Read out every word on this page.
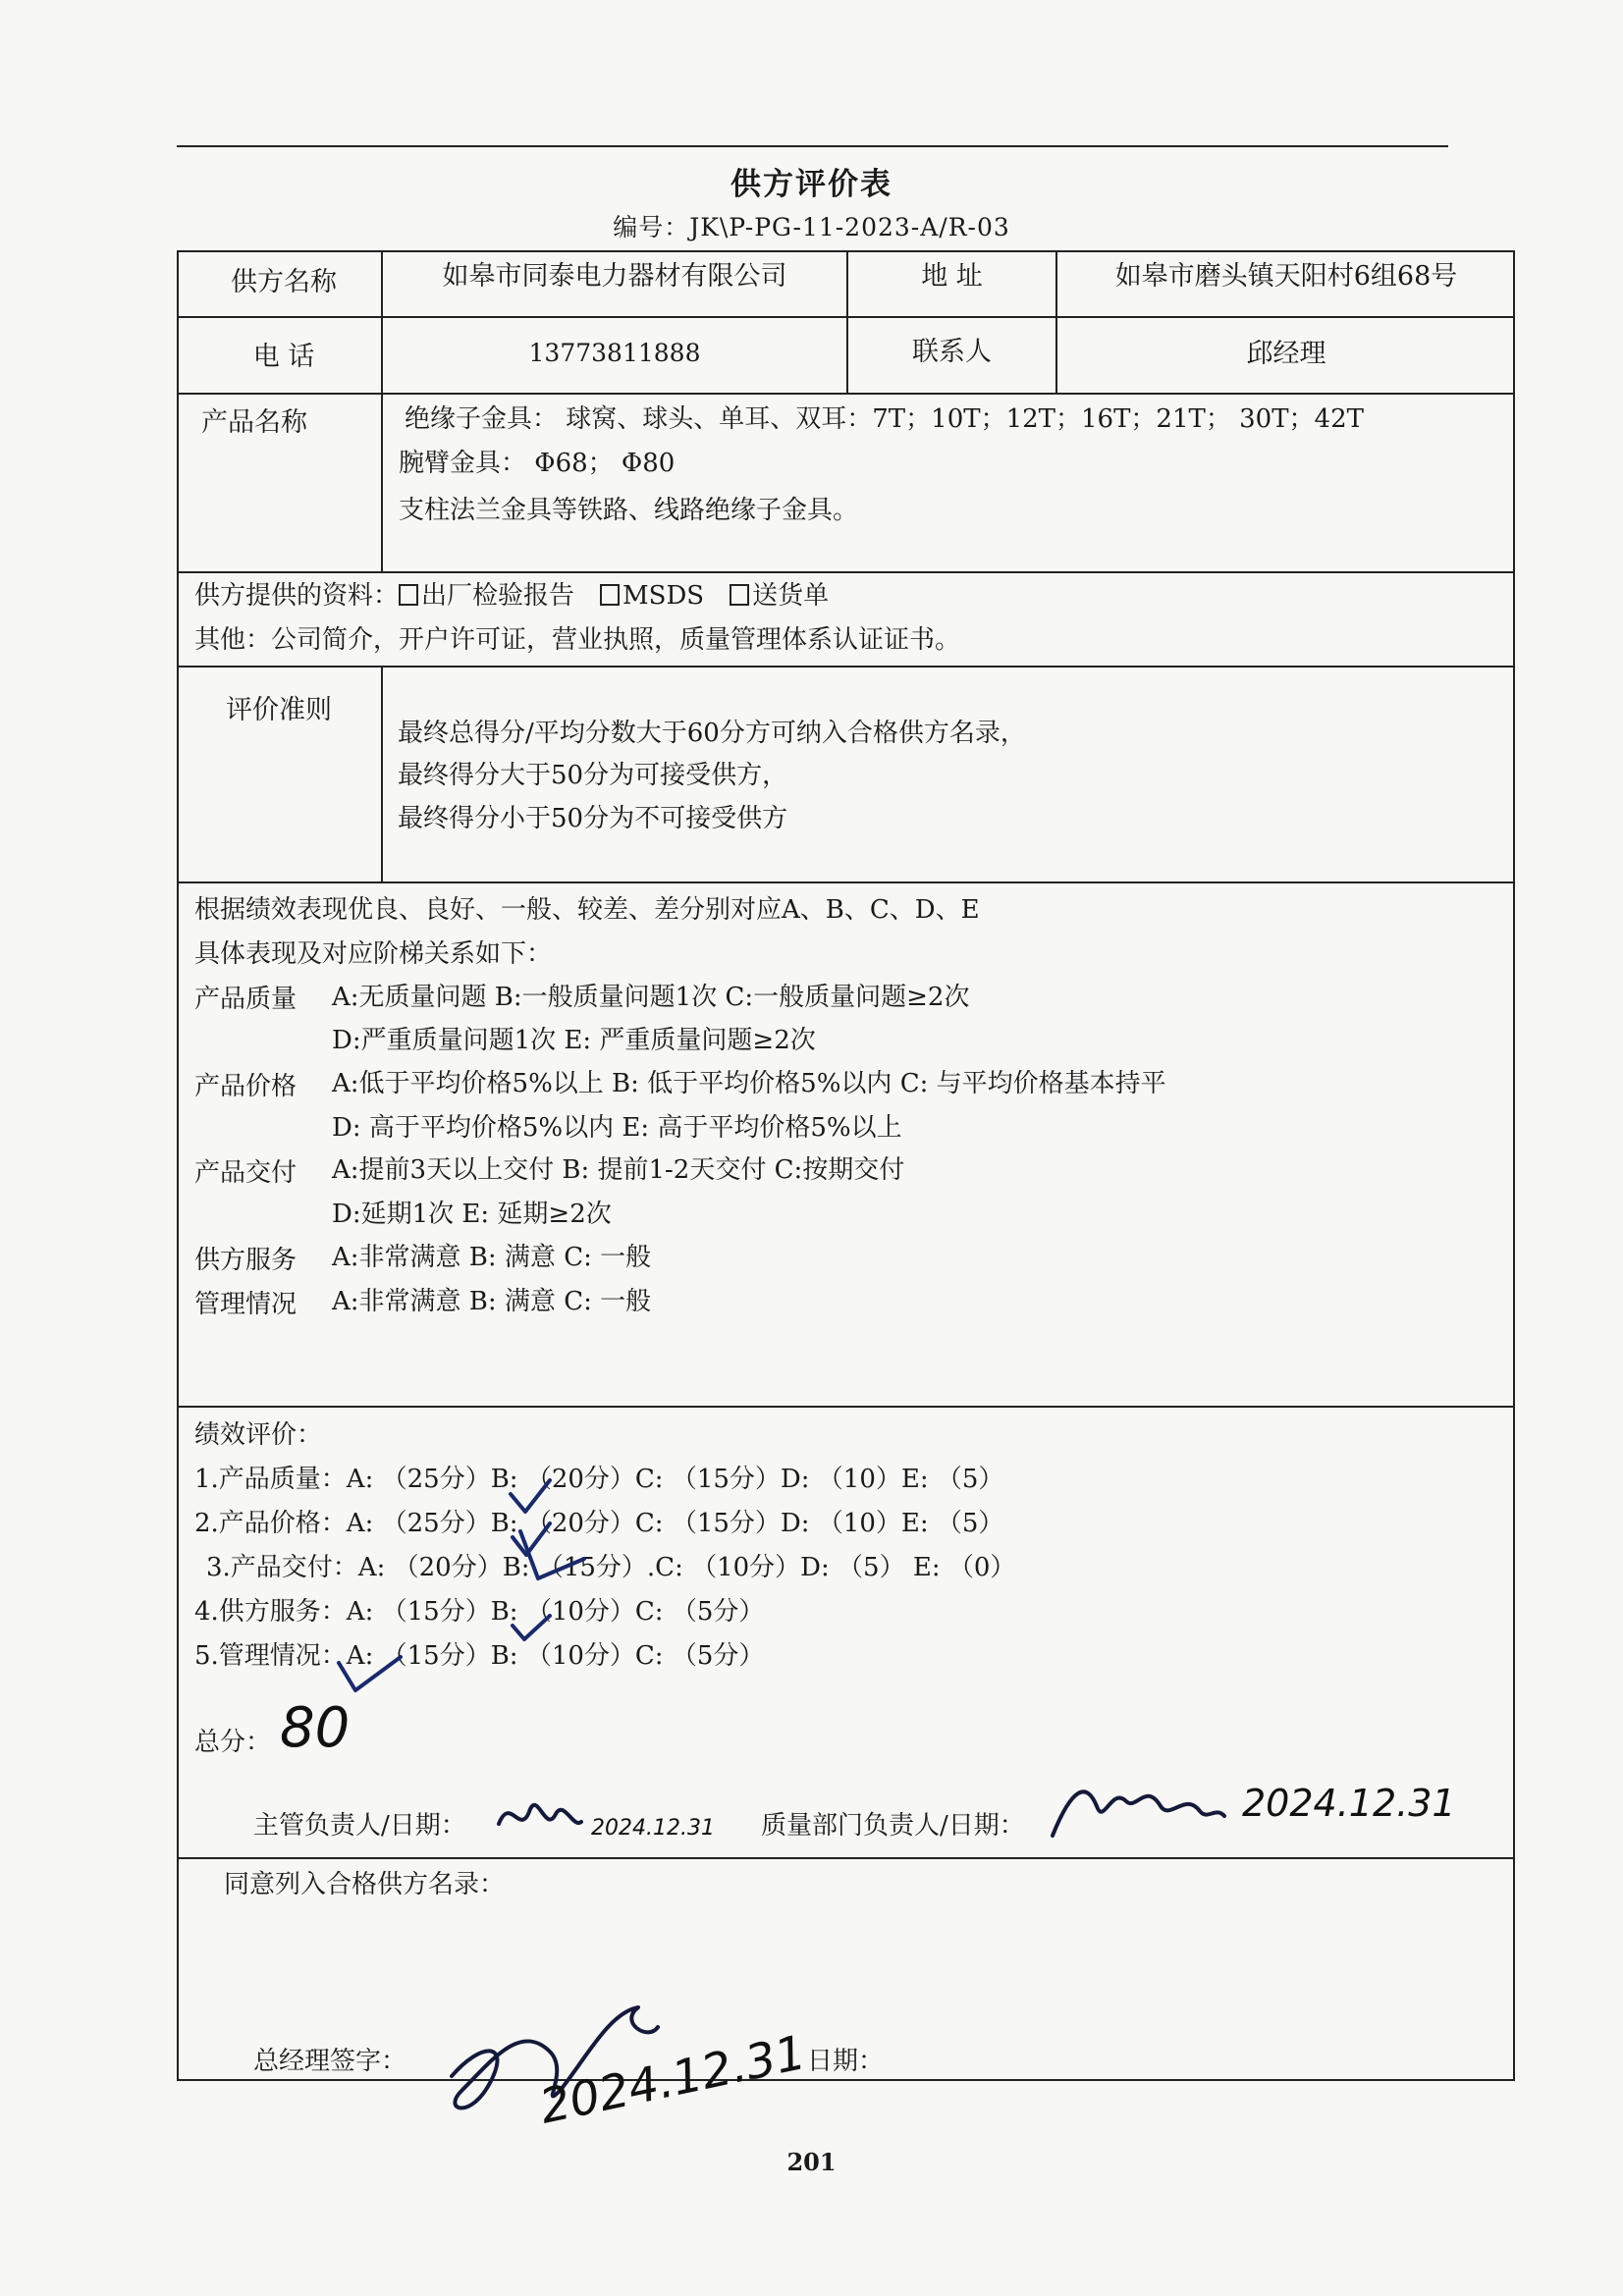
供方评价表
编号：JK\P-PG-11-2023-A/R-03
供方名称	如皋市同泰电力器材有限公司	地 址	如皋市磨头镇天阳村6组68号
电 话	13773811888	联系人	邱经理
产品名称	绝缘子金具： 球窝、球头、单耳、双耳：7T；10T；12T；16T；21T； 30T；42T
腕臂金具： Φ68； Φ80
支柱法兰金具等铁路、线路绝缘子金具。
供方提供的资料： 出厂检验报告 MSDS 送货单
其他：公司简介，开户许可证，营业执照，质量管理体系认证证书。
评价准则
最终总得分/平均分数大于60分方可纳入合格供方名录，
最终得分大于50分为可接受供方，
最终得分小于50分为不可接受供方
根据绩效表现优良、良好、一般、较差、差分别对应A、B、C、D、E
具体表现及对应阶梯关系如下：
产品质量 A:无质量问题 B:一般质量问题1次 C:一般质量问题≥2次
D:严重质量问题1次 E: 严重质量问题≥2次
产品价格 A:低于平均价格5%以上 B: 低于平均价格5%以内 C: 与平均价格基本持平
D: 高于平均价格5%以内 E: 高于平均价格5%以上
产品交付 A:提前3天以上交付 B: 提前1-2天交付 C:按期交付
D:延期1次 E: 延期≥2次
供方服务 A:非常满意 B: 满意 C: 一般
管理情况 A:非常满意 B: 满意 C: 一般
绩效评价：
1.产品质量：A: （25分）B: （20分）C: （15分）D: （10）E: （5）
2.产品价格：A: （25分）B: （20分）C: （15分）D: （10）E: （5）
3.产品交付：A: （20分）B: （15分）.C: （10分）D: （5） E: （0）
4.供方服务：A: （15分）B: （10分）C: （5分）
5.管理情况：A: （15分）B: （10分）C: （5分）
总分： 80
主管负责人/日期：	2024.12.31 质量部门负责人/日期：
2024.12.31
同意列入合格供方名录：
总经理签字：	2024.12.31
日期：
201
